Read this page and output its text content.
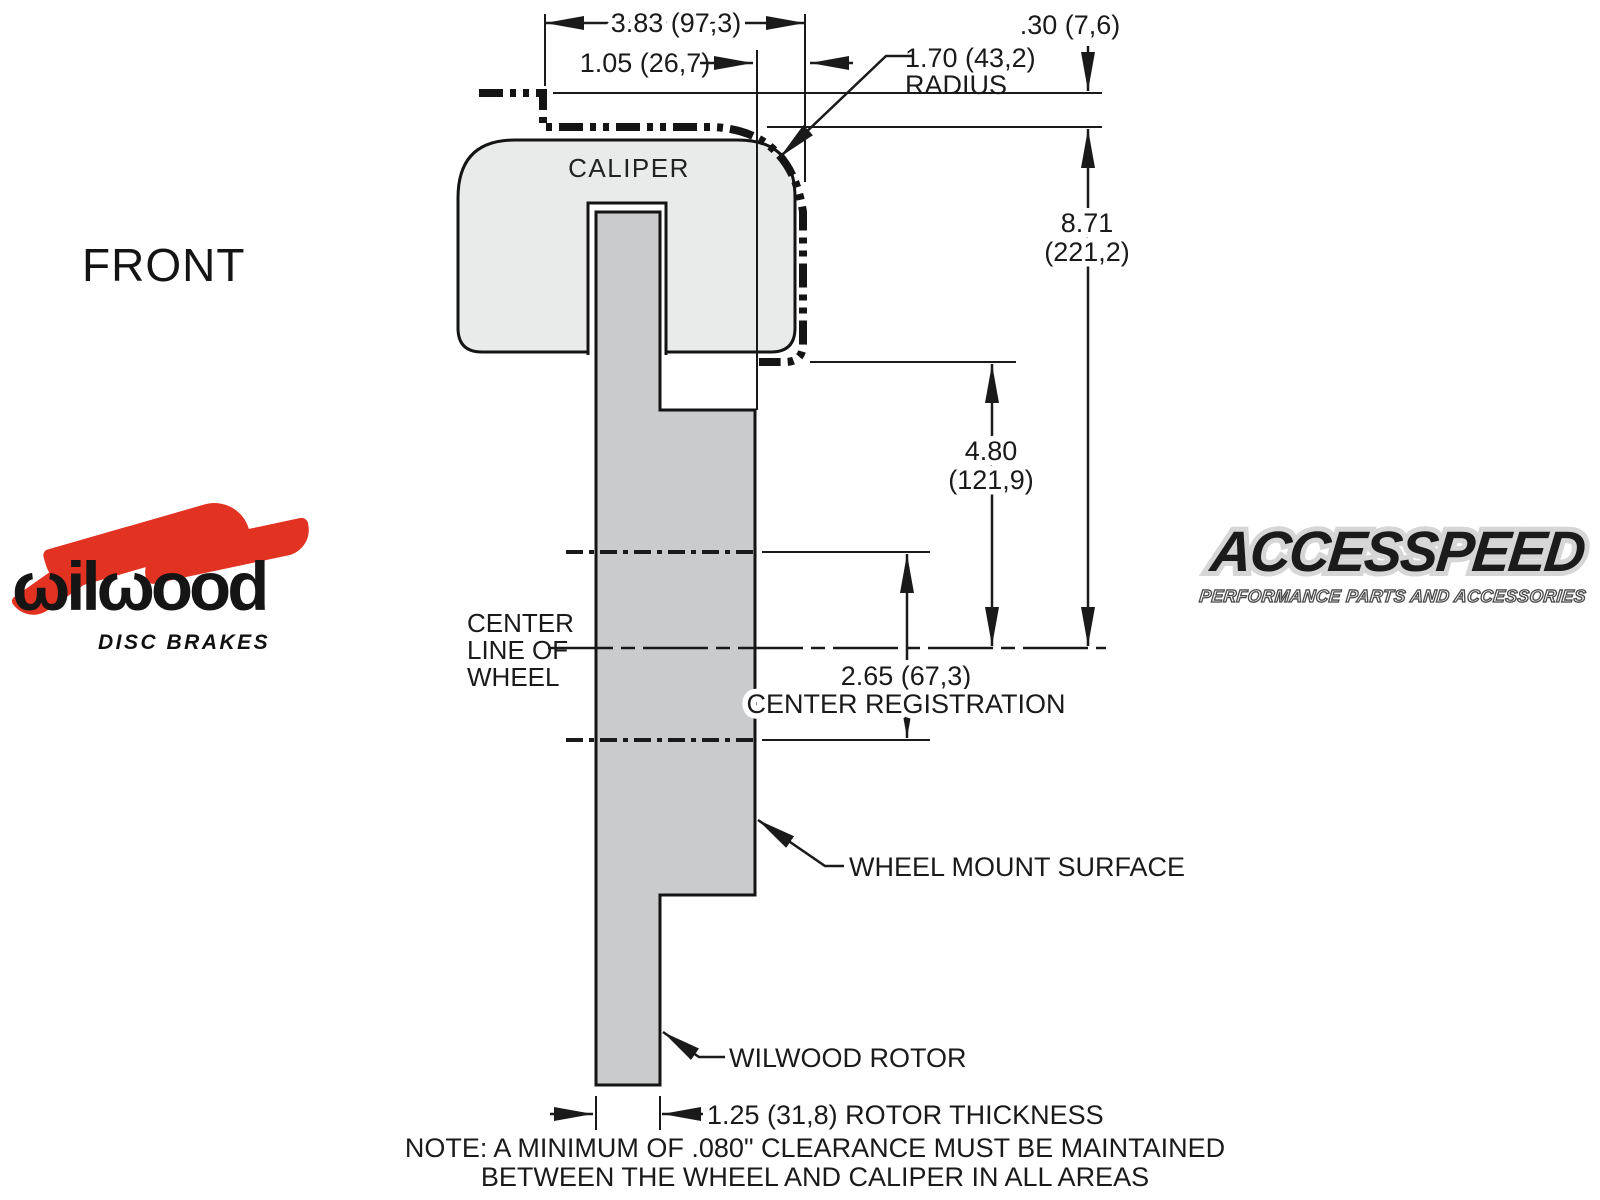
3.83 (97,3)
1.05 (26,7)	1.70 (43,2)
RADIUS
.30 (7,6)
8.71
(221,2)
4.80
(121,9)
2.65 (67,3)
CENTER REGISTRATION
1.25 (31,8) ROTOR THICKNESS
CALIPER
CENTER
LINE OF
WHEEL
WHEEL MOUNT SURFACE
WILWOOD ROTOR
NOTE: A MINIMUM OF .080" CLEARANCE MUST BE MAINTAINED
BETWEEN THE WHEEL AND CALIPER IN ALL AREAS
FRONT
ωilωood
DISC BRAKES
ACCESSPEED ACCESSPEED
PERFORMANCE PARTS AND ACCESSORIES
